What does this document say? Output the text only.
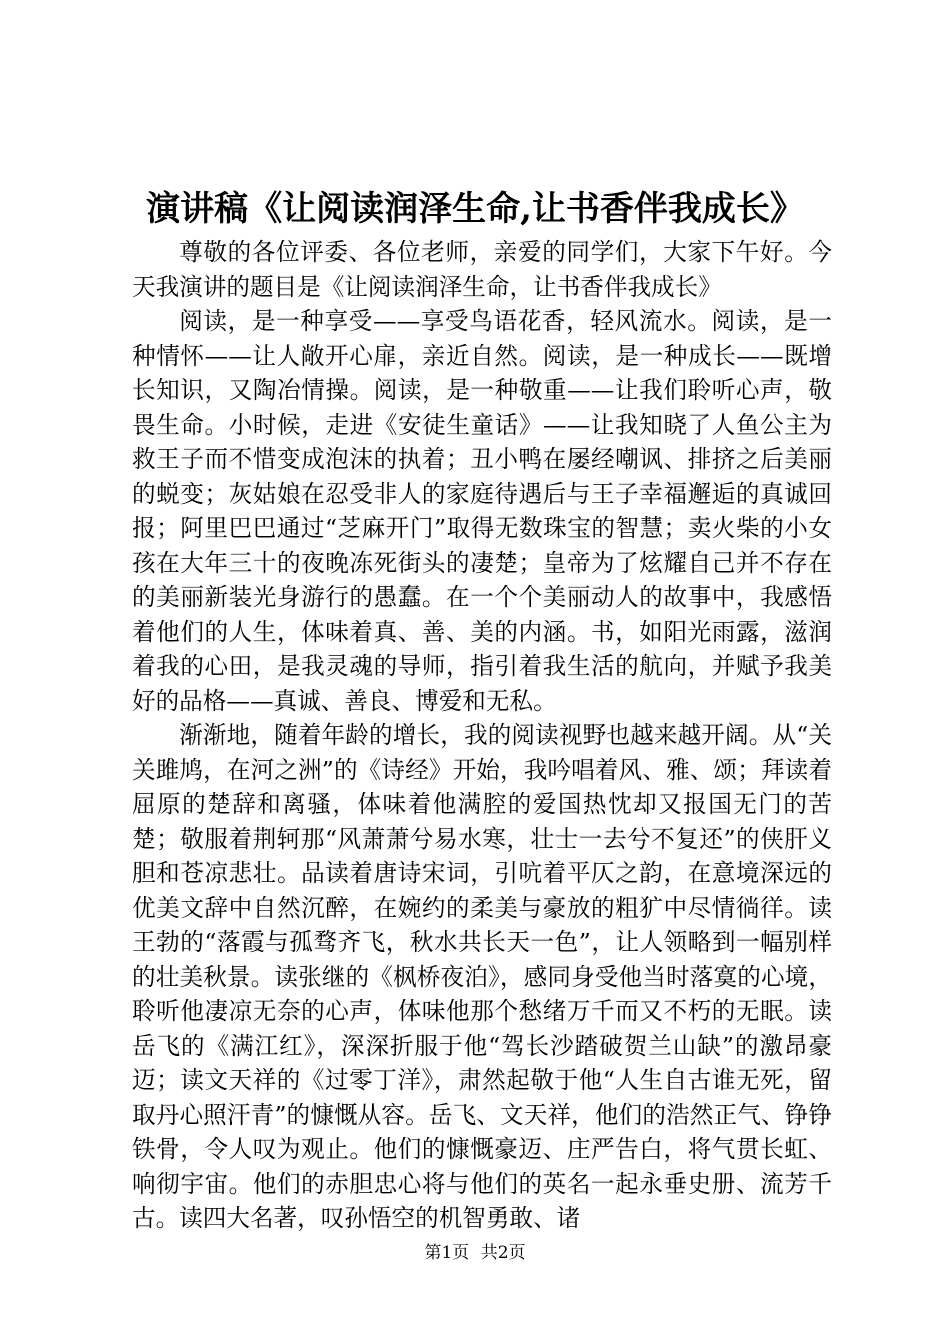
演讲稿《让阅读润泽生命,让书香伴我成长》

尊敬的各位评委、各位老师，亲爱的同学们，大家下午好。今天我演讲的题目是《让阅读润泽生命，让书香伴我成长》

阅读，是一种享受——享受鸟语花香，轻风流水。阅读，是一种情怀——让人敞开心扉，亲近自然。阅读，是一种成长——既增长知识，又陶冶情操。阅读，是一种敬重——让我们聆听心声，敬畏生命。小时候，走进《安徒生童话》——让我知晓了人鱼公主为救王子而不惜变成泡沫的执着；丑小鸭在屡经嘲讽、排挤之后美丽的蜕变；灰姑娘在忍受非人的家庭待遇后与王子幸福邂逅的真诚回报；阿里巴巴通过“芝麻开门”取得无数珠宝的智慧；卖火柴的小女孩在大年三十的夜晚冻死街头的凄楚；皇帝为了炫耀自己并不存在的美丽新装光身游行的愚蠢。在一个个美丽动人的故事中，我感悟着他们的人生，体味着真、善、美的内涵。书，如阳光雨露，滋润着我的心田，是我灵魂的导师，指引着我生活的航向，并赋予我美好的品格——真诚、善良、博爱和无私。

渐渐地，随着年龄的增长，我的阅读视野也越来越开阔。从“关关雎鸠，在河之洲”的《诗经》开始，我吟唱着风、雅、颂；拜读着屈原的楚辞和离骚，体味着他满腔的爱国热忱却又报国无门的苦楚；敬服着荆轲那“风萧萧兮易水寒，壮士一去兮不复还”的侠肝义胆和苍凉悲壮。品读着唐诗宋词，引吭着平仄之韵，在意境深远的优美文辞中自然沉醉，在婉约的柔美与豪放的粗犷中尽情徜徉。读王勃的“落霞与孤骛齐飞，秋水共长天一色”，让人领略到一幅别样的壮美秋景。读张继的《枫桥夜泊》，感同身受他当时落寞的心境，聆听他凄凉无奈的心声，体味他那个愁绪万千而又不朽的无眠。读岳飞的《满江红》，深深折服于他“驾长沙踏破贺兰山缺”的激昂豪迈；读文天祥的《过零丁洋》，肃然起敬于他“人生自古谁无死，留取丹心照汗青”的慷慨从容。岳飞、文天祥，他们的浩然正气、铮铮铁骨，令人叹为观止。他们的慷慨豪迈、庄严告白，将气贯长虹、响彻宇宙。他们的赤胆忠心将与他们的英名一起永垂史册、流芳千古。读四大名著，叹孙悟空的机智勇敢、诸

第1页 共2页
